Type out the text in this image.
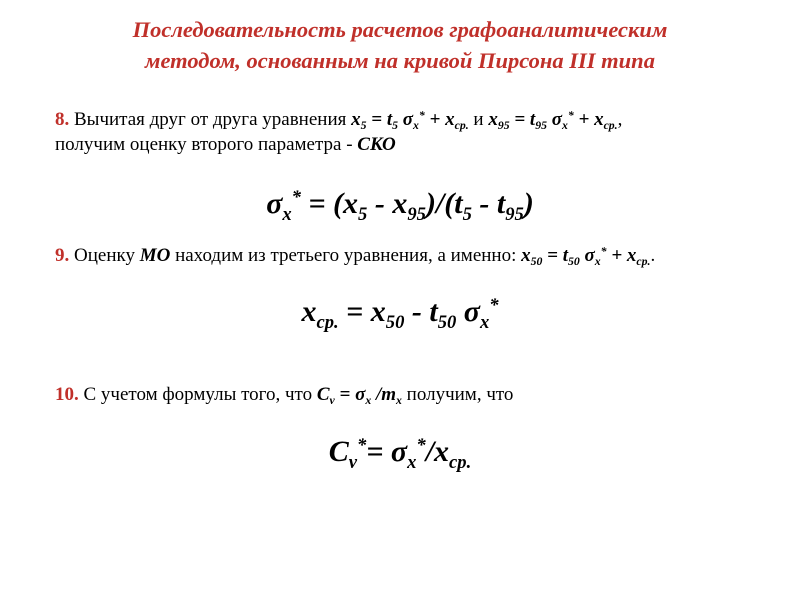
Последовательность расчетов графоаналитическим
методом, основанным на кривой Пирсона III типа
8. Вычитая друг от друга уравнения $x_5 = t_5$ $\sigma_x^* + x_{ср.}$ и $x_{95} = t_{95}$ $\sigma_x^* + x_{ср.}$,
получим оценку второго параметра - СКО
$\sigma_x^* = (x_5 - x_{95})/(t_5 - t_{95})$
9. Оценку МО находим из третьего уравнения, а именно: $x_{50} = t_{50}$ $\sigma_x^* + x_{ср.}$.
$x_{ср.} = x_{50} - t_{50}$ $\sigma_x^*$
10. С учетом формулы того, что $C_v = \sigma_x$ $/m_x$ получим, что
$C_v^*= \sigma_x^*/x_{ср.}$
